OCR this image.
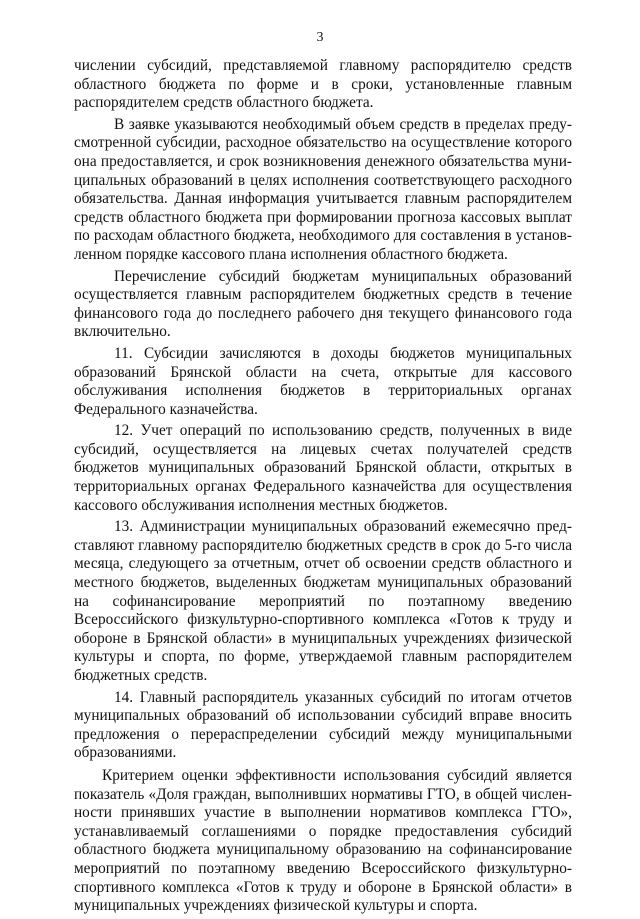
3

числении субсидий, представляемой главному распорядителю средств областного бюджета по форме и в сроки, установленные главным распорядителем средств областного бюджета.

В заявке указываются необходимый объем средств в пределах предусмотренной субсидии, расходное обязательство на осуществление которого она предоставляется, и срок возникновения денежного обязательства муниципальных образований в целях исполнения соответствующего расходного обязательства. Данная информация учитывается главным распорядителем средств областного бюджета при формировании прогноза кассовых выплат по расходам областного бюджета, необходимого для составления в установленном порядке кассового плана исполнения областного бюджета.

Перечисление субсидий бюджетам муниципальных образований осуществляется главным распорядителем бюджетных средств в течение финансового года до последнего рабочего дня текущего финансового года включительно.

11. Субсидии зачисляются в доходы бюджетов муниципальных образований Брянской области на счета, открытые для кассового обслуживания исполнения бюджетов в территориальных органах Федерального казначейства.

12. Учет операций по использованию средств, полученных в виде субсидий, осуществляется на лицевых счетах получателей средств бюджетов муниципальных образований Брянской области, открытых в территориальных органах Федерального казначейства для осуществления кассового обслуживания исполнения местных бюджетов.

13. Администрации муниципальных образований ежемесячно представляют главному распорядителю бюджетных средств в срок до 5-го числа месяца, следующего за отчетным, отчет об освоении средств областного и местного бюджетов, выделенных бюджетам муниципальных образований на софинансирование мероприятий по поэтапному введению Всероссийского физкультурно-спортивного комплекса «Готов к труду и обороне в Брянской области» в муниципальных учреждениях физической культуры и спорта, по форме, утверждаемой главным распорядителем бюджетных средств.

14. Главный распорядитель указанных субсидий по итогам отчетов муниципальных образований об использовании субсидий вправе вносить предложения о перераспределении субсидий между муниципальными образованиями.

Критерием оценки эффективности использования субсидий является показатель «Доля граждан, выполнивших нормативы ГТО, в общей численности принявших участие в выполнении нормативов комплекса ГТО», устанавливаемый соглашениями о порядке предоставления субсидий областного бюджета муниципальному образованию на софинансирование мероприятий по поэтапному введению Всероссийского физкультурно-спортивного комплекса «Готов к труду и обороне в Брянской области» в муниципальных учреждениях физической культуры и спорта.
